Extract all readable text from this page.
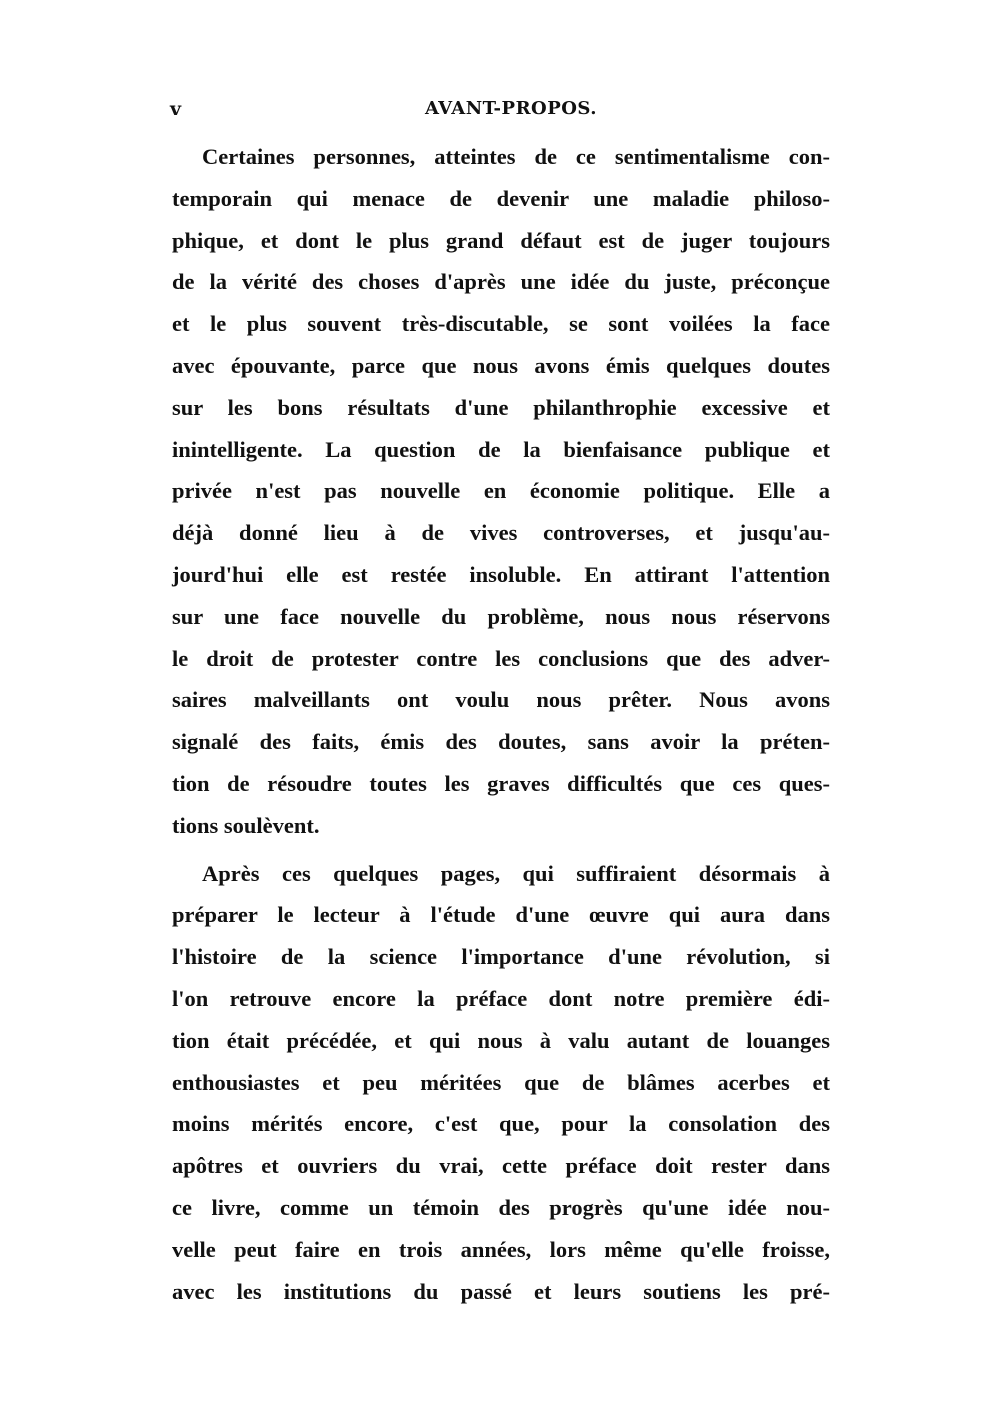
v	AVANT-PROPOS.
Certaines personnes, atteintes de ce sentimentalisme con-
temporain qui menace de devenir une maladie philoso-
phique, et dont le plus grand défaut est de juger toujours
de la vérité des choses d'après une idée du juste, préconçue
et le plus souvent très-discutable, se sont voilées la face
avec épouvante, parce que nous avons émis quelques doutes
sur les bons résultats d'une philanthrophie excessive et
inintelligente. La question de la bienfaisance publique et
privée n'est pas nouvelle en économie politique. Elle a
déjà donné lieu à de vives controverses, et jusqu'au-
jourd'hui elle est restée insoluble. En attirant l'attention
sur une face nouvelle du problème, nous nous réservons
le droit de protester contre les conclusions que des adver-
saires malveillants ont voulu nous prêter. Nous avons
signalé des faits, émis des doutes, sans avoir la préten-
tion de résoudre toutes les graves difficultés que ces ques-
tions soulèvent.
Après ces quelques pages, qui suffiraient désormais à
préparer le lecteur à l'étude d'une œuvre qui aura dans
l'histoire de la science l'importance d'une révolution, si
l'on retrouve encore la préface dont notre première édi-
tion était précédée, et qui nous à valu autant de louanges
enthousiastes et peu méritées que de blâmes acerbes et
moins mérités encore, c'est que, pour la consolation des
apôtres et ouvriers du vrai, cette préface doit rester dans
ce livre, comme un témoin des progrès qu'une idée nou-
velle peut faire en trois années, lors même qu'elle froisse,
avec les institutions du passé et leurs soutiens les pré-
